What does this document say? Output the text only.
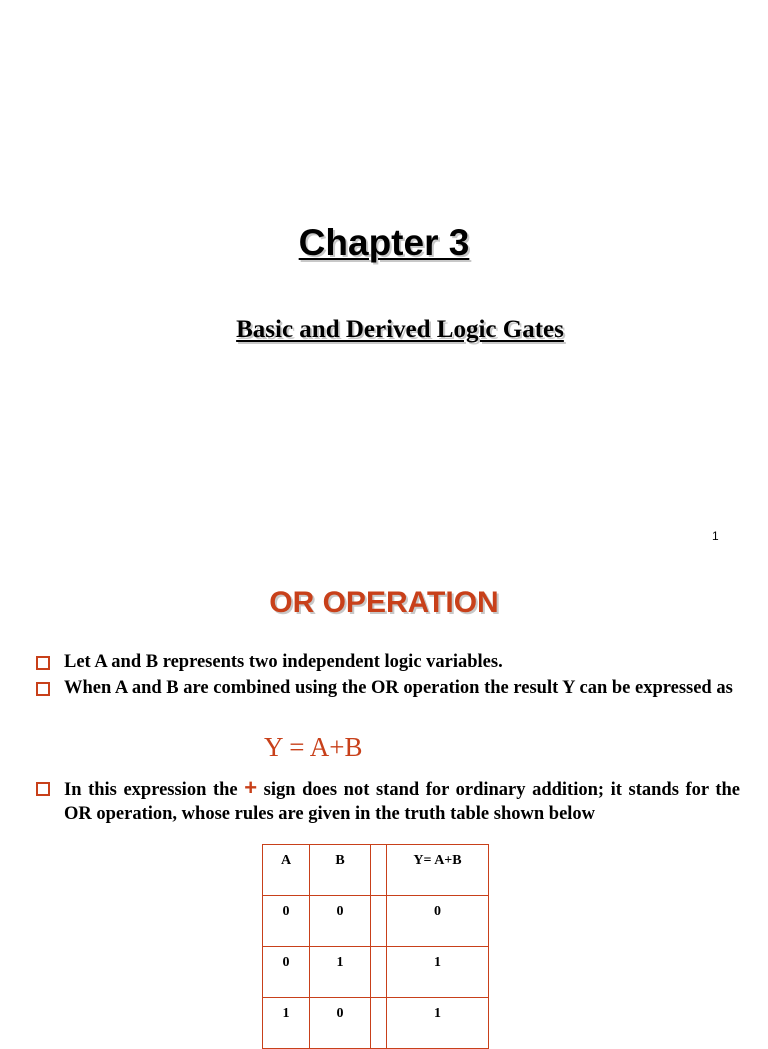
Chapter 3
Basic and Derived Logic Gates
1
OR OPERATION
Let A and B represents two independent logic variables.
When A and B are combined using the OR operation the result Y can be expressed as
Y = A+B
In this expression the + sign does not stand for ordinary addition; it stands for the OR operation, whose rules are given in the truth table shown below
A	B		Y= A+B
0	0		0
0	1		1
1	0		1
